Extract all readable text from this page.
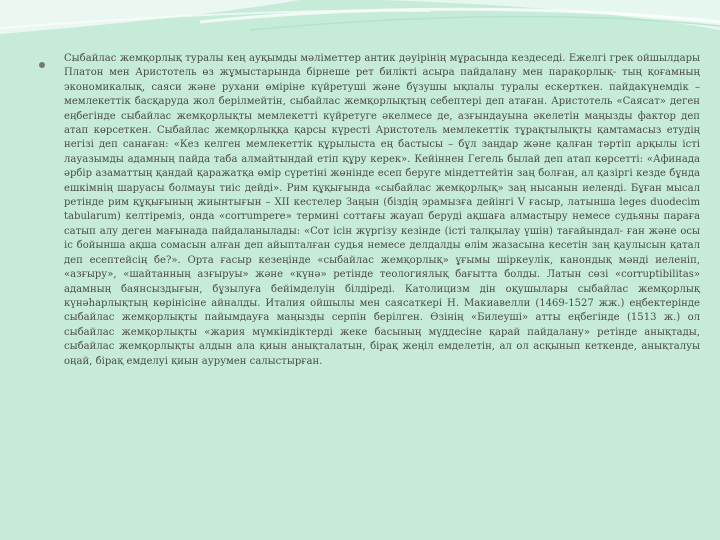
Сыбайлас жемқорлық туралы кең ауқымды мәліметтер антик дәуірінің мұрасында кездеседі. Ежелгі грек ойшылдары Платон мен Аристотель өз жұмыстарында бірнеше рет билікті асыра пайдалану мен парақорлық- тың қоғамның экономикалық, саяси және рухани өміріне күйретуші және бүзушы ықпалы туралы ескерткен. пайдакүнемдік – мемлекеттік басқаруда жол берілмейтін, сыбайлас жемқорлықтың себептері деп атаған. Аристотель «Саясат» деген еңбегінде сыбайлас жемқорлықты мемлекетті күйретуге әкелмесе де, азғындауына әкелетін маңызды фактор деп атап көрсеткен. Сыбайлас жемқорлыққа қарсы күресті Аристотель мемлекеттік тұрақтылықты қамтамасыз етудің негізі деп санаған: «Кез келген мемлекеттік құрылыста ең бастысы – бұл заңдар және қалған тәртіп арқылы істі лауазымды адамның пайда таба алмайтындай етіп құру керек». Кейіннен Гегель былай деп атап көрсетті: «Афинада әрбір азаматтың қандай қаражатқа өмір сүретіні жөнінде есеп беруге міндеттейтін заң болған, ал қазіргі кезде бұнда ешкімнің шаруасы болмауы тиіс дейді». Рим құқығында «сыбайлас жемқорлық» заң нысанын иеленді. Бұған мысал ретінде рим құқығының жиынтығын – XII кестелер Заңын (біздің эрамызға дейінгі V ғасыр, латынша leges duodecim tabularum) келтіреміз, онда «corrumpere» термині соттағы жауап беруді ақшаға алмастыру немесе судьяны параға сатып алу деген мағынада пайдаланылады: «Сот ісін жүргізу кезінде (істі талқылау үшін) тағайындал- ған және осы іс бойынша ақша сомасын алған деп айыпталған судья немесе делдалды өлім жазасына кесетін заң қаулысын қатал деп есептейсің бе?». Орта ғасыр кезеңінде «сыбайлас жемқорлық» ұғымы шіркеулік, канондық мәнді иеленіп, «азғыру», «шайтанның азғыруы» және «күнә» ретінде теологиялық бағытта болды. Латын сөзі «corruptibilitas» адамның баянсыздығын, бұзылуға бейімделуін білдіреді. Католицизм дін оқушылары сыбайлас жемқорлық күнәһарлықтың көрінісіне айналды. Италия ойшылы мен саясаткері Н. Макиавелли (1469-1527 жж.) еңбектерінде сыбайлас жемқорлықты пайымдауға маңызды серпін берілген. Өзінің «Билеуші» атты еңбегінде (1513 ж.) ол сыбайлас жемқорлықты «жария мүмкіндіктерді жеке басының мүддесіне қарай пайдалану» ретінде анықтады, сыбайлас жемқорлықты алдын ала қиын анықталатын, бірақ жеңіл емделетін, ал ол асқынып кеткенде, анықталуы оңай, бірақ емделуі қиын аурумен салыстырған.
